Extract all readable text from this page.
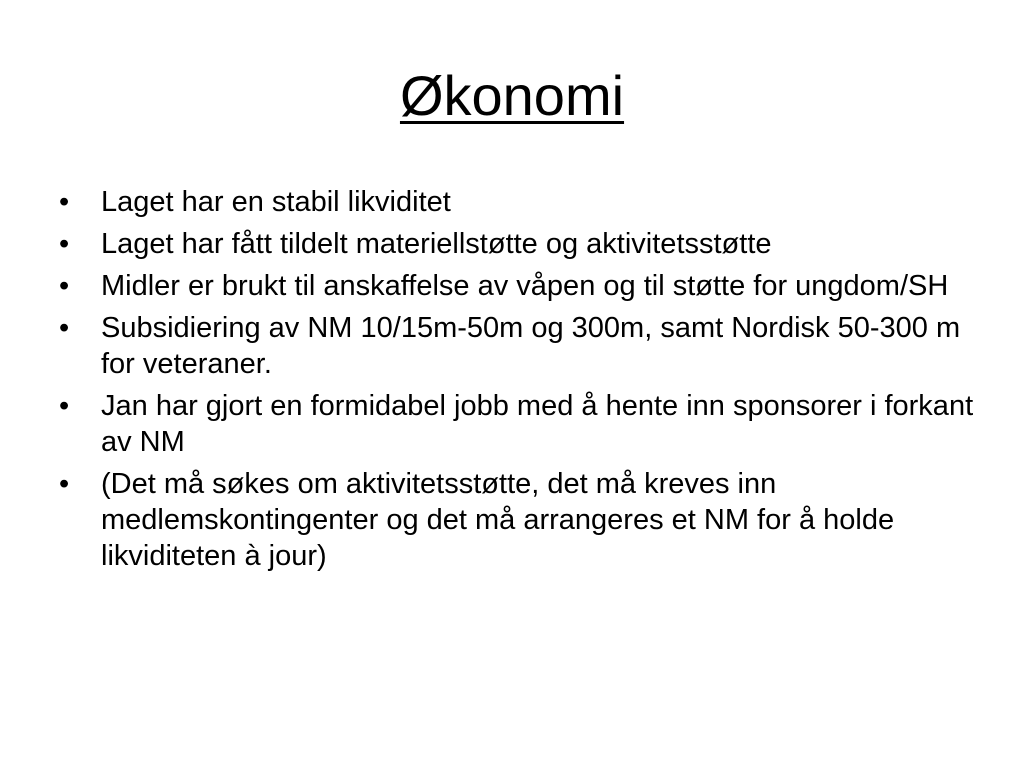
Økonomi
•	Laget har en stabil likviditet
•	Laget har fått tildelt materiellstøtte og aktivitetsstøtte
•	Midler er brukt til anskaffelse av våpen og til støtte for ungdom/SH
•	Subsidiering av NM 10/15m-50m og 300m, samt Nordisk 50-300 m for veteraner.
•	Jan har gjort en formidabel jobb med å hente inn sponsorer i forkant av NM
•	(Det må søkes om aktivitetsstøtte, det må kreves inn medlemskontingenter og det må arrangeres et NM for å holde likviditeten à jour)
